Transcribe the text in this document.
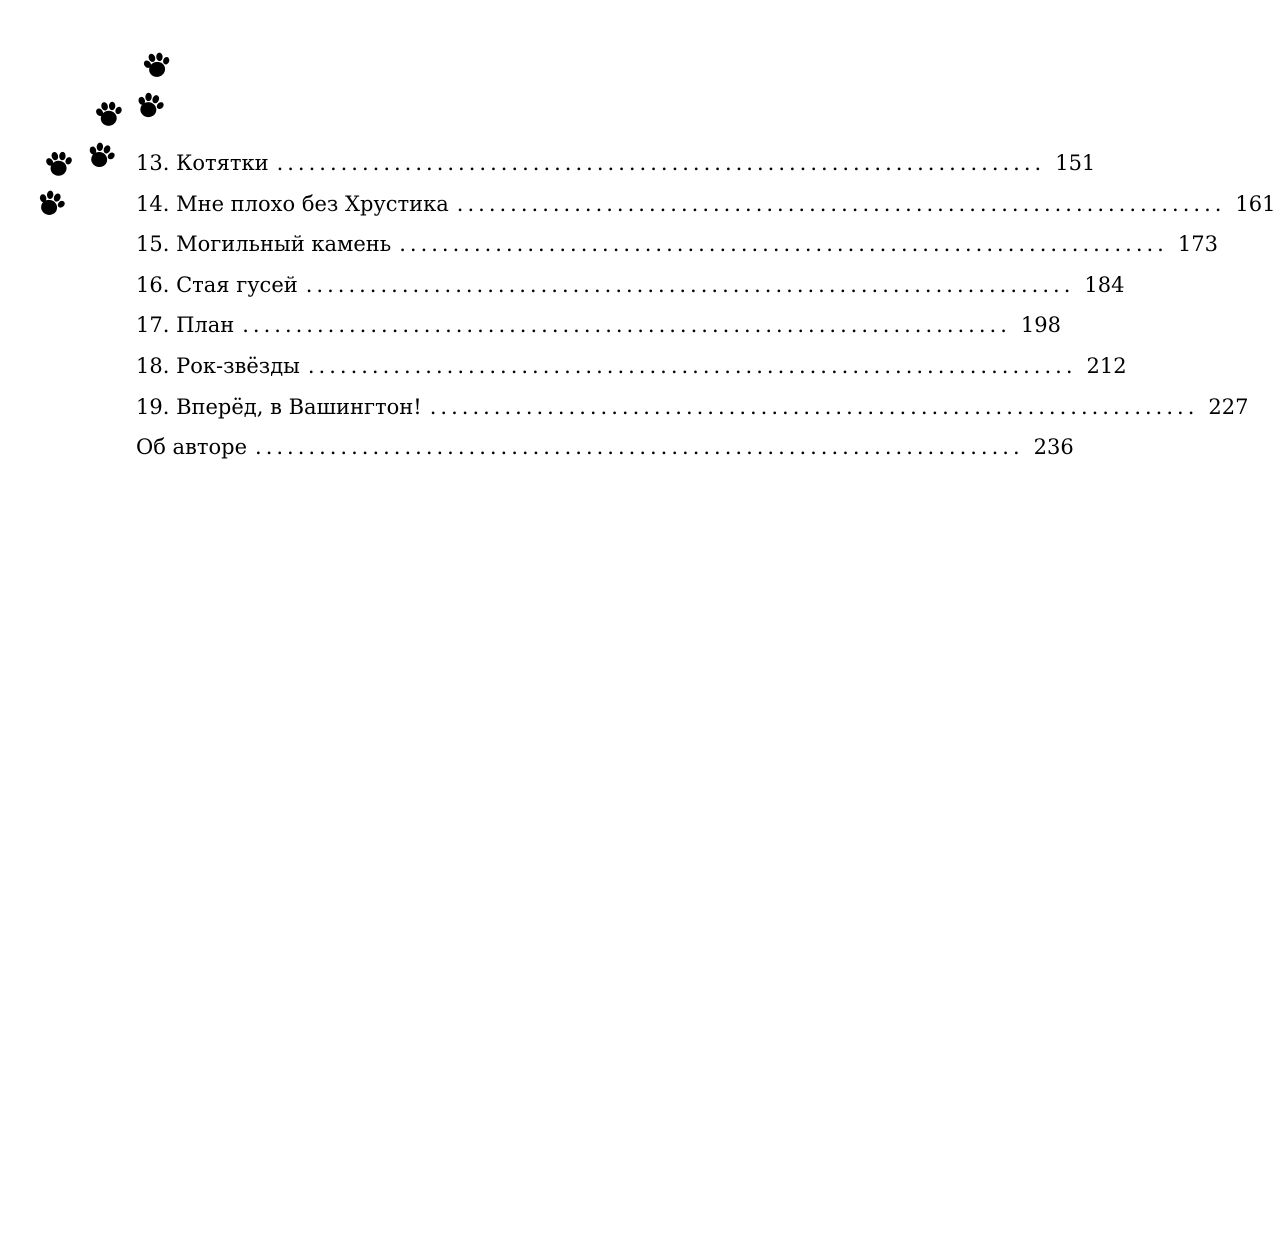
13. Котятки ........................................................................ 151
14. Мне плохо без Хрустика ........................................................................ 161
15. Могильный камень ........................................................................ 173
16. Стая гусей ........................................................................ 184
17. План ........................................................................ 198
18. Рок-звёзды ........................................................................ 212
19. Вперёд, в Вашингтон! ........................................................................ 227
Об авторе ........................................................................ 236
